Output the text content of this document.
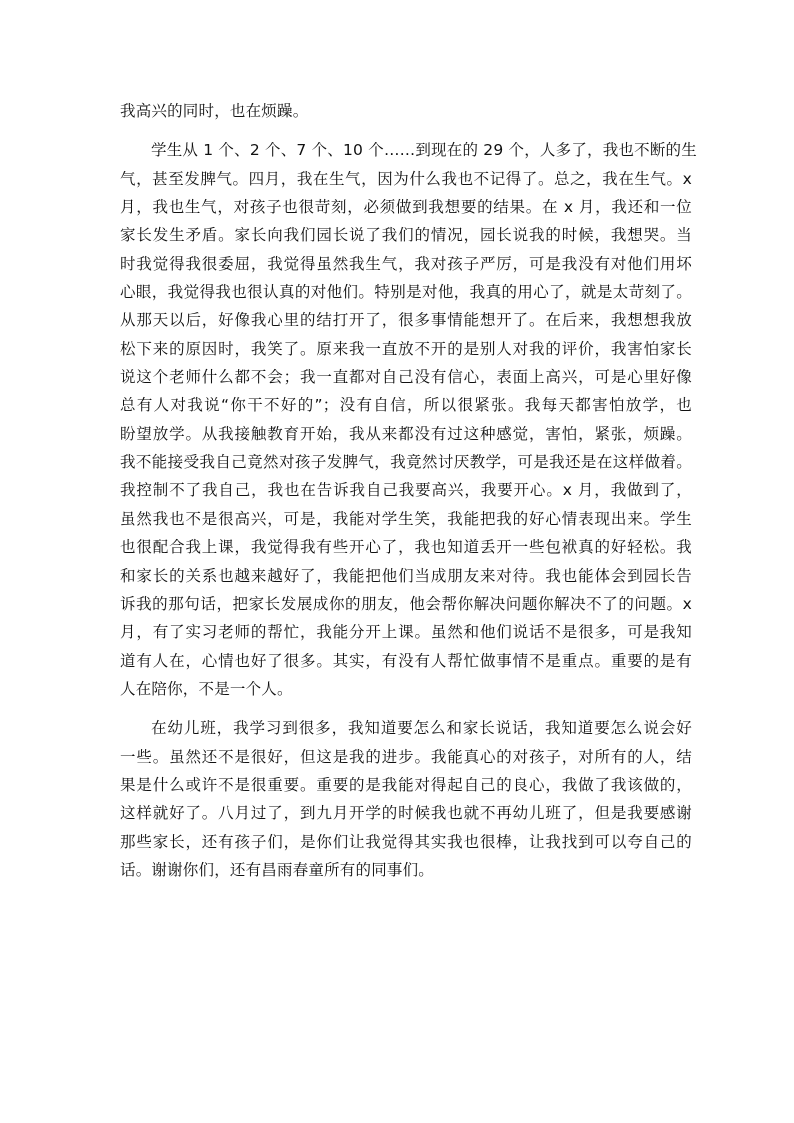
我高兴的同时，也在烦躁。
学生从 1 个、2 个、7 个、10 个……到现在的 29 个，人多了，我也不断的生
气，甚至发脾气。四月，我在生气，因为什么我也不记得了。总之，我在生气。x
月，我也生气，对孩子也很苛刻，必须做到我想要的结果。在 x 月，我还和一位
家长发生矛盾。家长向我们园长说了我们的情况，园长说我的时候，我想哭。当
时我觉得我很委屈，我觉得虽然我生气，我对孩子严厉，可是我没有对他们用坏
心眼，我觉得我也很认真的对他们。特别是对他，我真的用心了，就是太苛刻了。
从那天以后，好像我心里的结打开了，很多事情能想开了。在后来，我想想我放
松下来的原因时，我笑了。原来我一直放不开的是别人对我的评价，我害怕家长
说这个老师什么都不会；我一直都对自己没有信心，表面上高兴，可是心里好像
总有人对我说“你干不好的”；没有自信，所以很紧张。我每天都害怕放学，也
盼望放学。从我接触教育开始，我从来都没有过这种感觉，害怕，紧张，烦躁。
我不能接受我自己竟然对孩子发脾气，我竟然讨厌教学，可是我还是在这样做着。
我控制不了我自己，我也在告诉我自己我要高兴，我要开心。x 月，我做到了，
虽然我也不是很高兴，可是，我能对学生笑，我能把我的好心情表现出来。学生
也很配合我上课，我觉得我有些开心了，我也知道丢开一些包袱真的好轻松。我
和家长的关系也越来越好了，我能把他们当成朋友来对待。我也能体会到园长告
诉我的那句话，把家长发展成你的朋友，他会帮你解决问题你解决不了的问题。x
月，有了实习老师的帮忙，我能分开上课。虽然和他们说话不是很多，可是我知
道有人在，心情也好了很多。其实，有没有人帮忙做事情不是重点。重要的是有
人在陪你，不是一个人。
在幼儿班，我学习到很多，我知道要怎么和家长说话，我知道要怎么说会好
一些。虽然还不是很好，但这是我的进步。我能真心的对孩子，对所有的人，结
果是什么或许不是很重要。重要的是我能对得起自己的良心，我做了我该做的，
这样就好了。八月过了，到九月开学的时候我也就不再幼儿班了，但是我要感谢
那些家长，还有孩子们，是你们让我觉得其实我也很棒，让我找到可以夸自己的
话。谢谢你们，还有昌雨春童所有的同事们。
